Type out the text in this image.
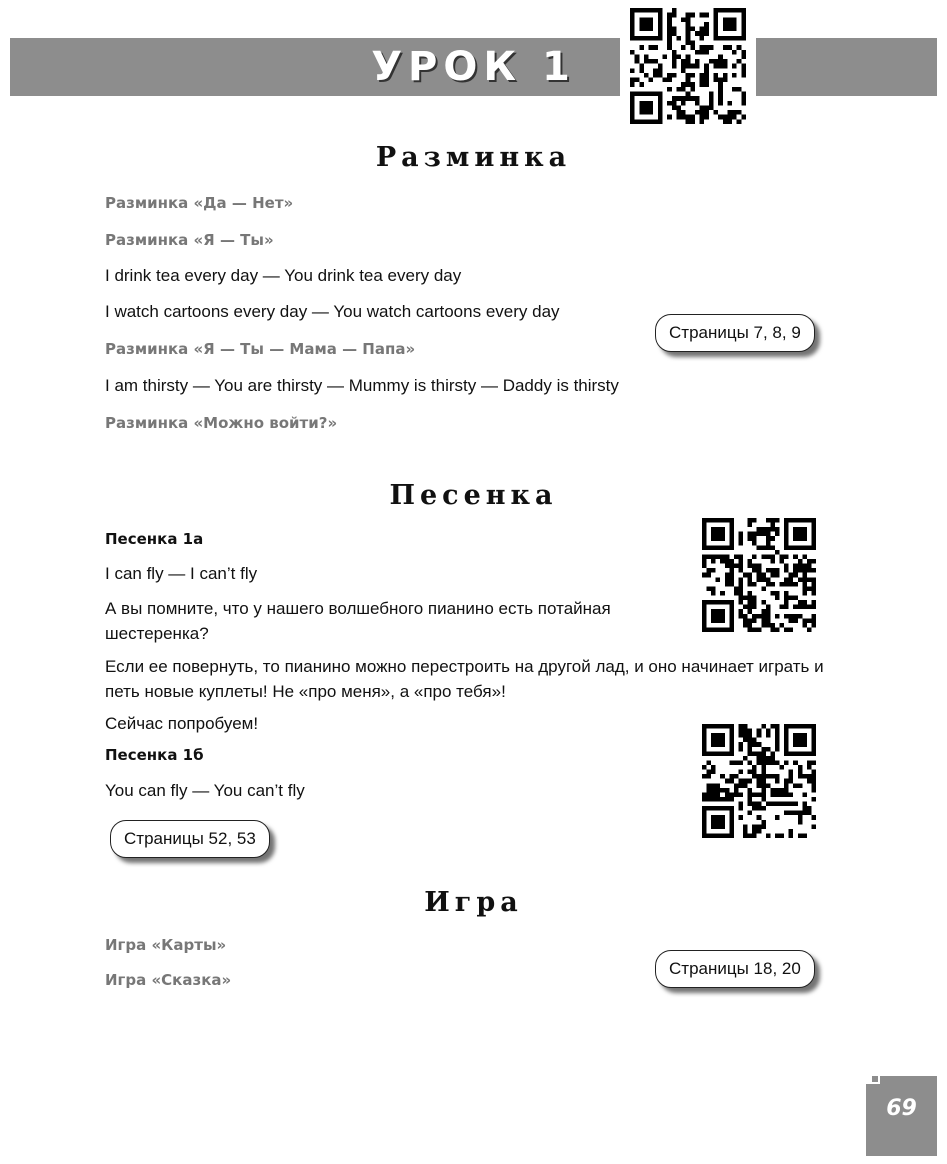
УРОК 1
Разминка
Разминка «Да — Нет»
Разминка «Я — Ты»
I drink tea every day — You drink tea every day
I watch cartoons every day — You watch cartoons every day
Разминка «Я — Ты — Мама — Папа»
I am thirsty — You are thirsty — Mummy is thirsty — Daddy is thirsty
Разминка «Можно войти?»
Страницы 7, 8, 9
Песенка
Песенка 1а
I can fly — I can’t fly
А вы помните, что у нашего волшебного пианино есть потайная шестеренка?
Если ее повернуть, то пианино можно перестроить на другой лад, и оно начинает играть и петь новые куплеты! Не «про меня», а «про тебя»!
Сейчас попробуем!
Песенка 1б
You can fly — You can’t fly
Страницы 52, 53
Игра
Игра «Карты»
Игра «Сказка»
Страницы 18, 20
69
